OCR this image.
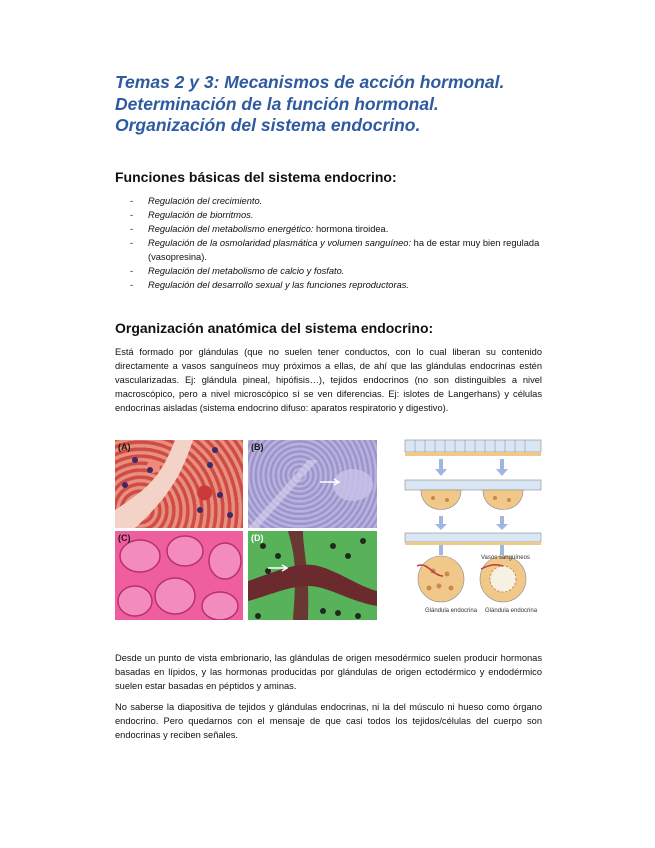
Temas 2 y 3: Mecanismos de acción hormonal.
Determinación de la función hormonal.
Organización del sistema endocrino.
Funciones básicas del sistema endocrino:
- Regulación del crecimiento.
- Regulación de biorritmos.
- Regulación del metabolismo energético: hormona tiroidea.
- Regulación de la osmolaridad plasmática y volumen sanguíneo: ha de estar muy bien regulada (vasopresina).
- Regulación del metabolismo de calcio y fosfato.
- Regulación del desarrollo sexual y las funciones reproductoras.
Organización anatómica del sistema endocrino:

Está formado por glándulas (que no suelen tener conductos, con lo cual liberan su contenido directamente a vasos sanguíneos muy próximos a ellas, de ahí que las glándulas endocrinas estén vascularizadas. Ej: glándula pineal, hipófisis…), tejidos endocrinos (no son distinguibles a nivel macroscópico, pero a nivel microscópico sí se ven diferencias. Ej: islotes de Langerhans) y células endocrinas aisladas (sistema endocrino difuso: aparatos respiratorio y digestivo).

(A)	(B)
(C)	(D)
Vasos sanguíneos
Glándula endocrina Glándula endocrina

Desde un punto de vista embrionario, las glándulas de origen mesodérmico suelen producir hormonas basadas en lípidos, y las hormonas producidas por glándulas de origen ectodérmico y endodérmico suelen estar basadas en péptidos y aminas.

No saberse la diapositiva de tejidos y glándulas endocrinas, ni la del músculo ni hueso como órgano endocrino. Pero quedarnos con el mensaje de que casi todos los tejidos/células del cuerpo son endocrinas y reciben señales.
